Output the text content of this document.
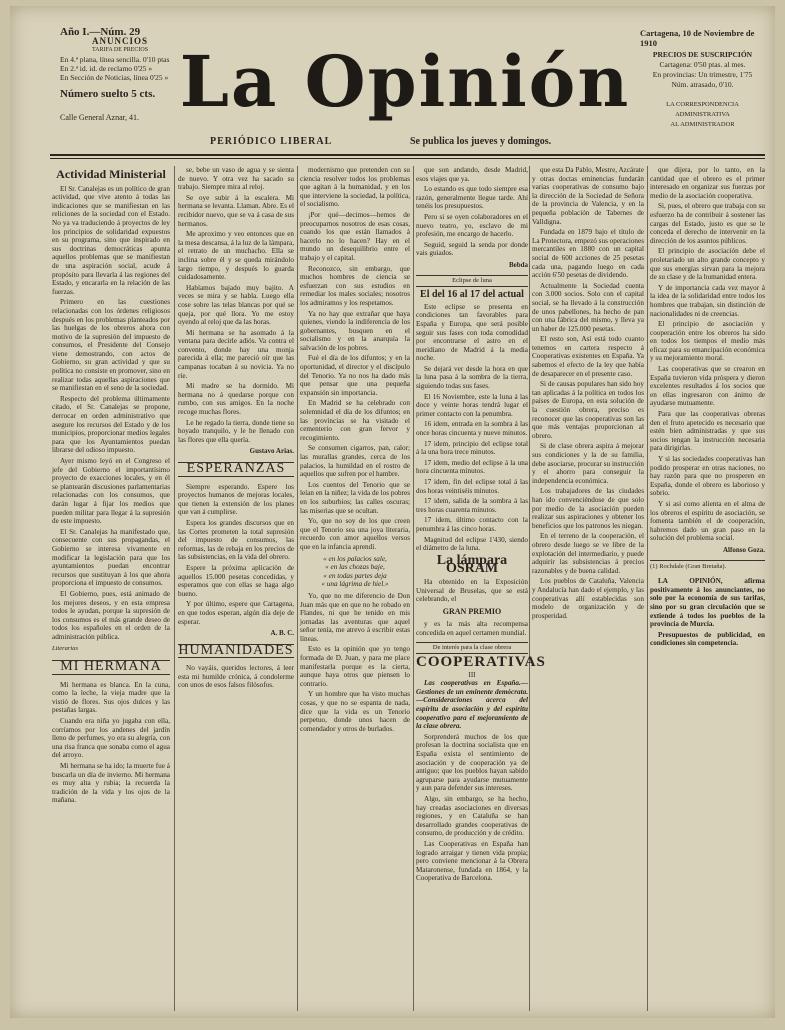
Año I.—Núm. 29
ANUNCIOS
TARIFA DE PRECIOS
En 4.ª plana, línea sencilla. 0'10 ptas
En 2.ª id. id. de reclamo 0'25 »
En Sección de Noticias, línea 0'25 »
Número suelto 5 cts.
Calle General Aznar, 41. La Opinión
PERIÓDICO LIBERAL	Se publica los jueves y domingos.
Cartagena, 10 de Noviembre de 1910
PRECIOS DE SUSCRIPCIÓN
Cartagena: 0'50 ptas. al mes.
En provincias: Un trimestre, 1'75
Núm. atrasado, 0'10.
LA CORRESPONDENCIA ADMINISTRATIVA
AL ADMINISTRADOR
Actividad Ministerial

El Sr. Canalejas es un político de gran actividad, que vive atento á todas las indicaciones que se manifiestan en las reliciones de la sociedad con el Estado. No ya va traduciendo á proyectos de ley los principios de solidaridad expuestos en su programa, sino que inspirado en sus doctrinas democráticas apunta aquellos problemas que se manifiestan de una aspiración social, acude á propósito para llevarla á las regiones del Estado, y encararla en la relación de las fuerzas.

Primero en las cuestiones relacionadas con los órdenes religiosos después en los problemas planteados por las huelgas de los obreros ahora con motivo de la supresión del impuesto de consumos, el Presidente del Consejo viene demostrando, con actos de Gobierno, su gran actividad y que su política no consiste en promover, sino en realizar todas aquellas aspiraciones que se manifiestan en el seno de la sociedad.

Respecto del problema últimamente citado, el Sr. Canalejas se propone, derrocar en orden administrativo que asegure los recursos del Estado y de los municipios, proporcionar medios legales para que los Ayuntamientos puedan librarse del odioso impuesto.

Ayer mismo leyó en el Congreso el jefe del Gobierno el importantísimo proyecto de exacciones locales, y en él se plantearán discusiones parlamentarias relacionadas con los consumos, que darán lugar á fijar los medios que pueden militar para llegar á la supresión de este impuesto.

El Sr. Canalejas ha manifestado que, consecuente con sus propagandas, el Gobierno se interesa vivamente en modificar la legislación para que los ayuntamientos puedan encontrar recursos que sustituyan á los que ahora proporciona el impuesto de consumos.

El Gobierno, pues, está animado de los mejores deseos, y en esta empresa todos le ayudan, porque la supresión de los consumos es el más grande deseo de todos los españoles en el orden de la administración pública.

Literarias
MI HERMANA

Mi hermana es blanca. En la cuna, como la leche, la vieja madre que la vistió de flores. Sus ojos dulces y las pestañas largas.

Cuando era niña yo jugaba con ella, corríamos por los andenes del jardín lleno de perfumes, yo era su alegría, con una risa franca que sonaba como el agua del arroyo.

Mi hermana se ha ido; la muerte fue á buscarla un día de invierno. Mi hermana es muy alta y rubia; la recuerda la tradición de la vida y los ojos de la mañana.

se, bebe un vaso de agua y se sienta de nuevo. Y otra vez ha sacado su trabajo. Siempre mira al reloj.

Se oye subir á la escalera. Mi hermana se levanta. Llaman. Abre. Es el recibidor nuevo, que se va á casa de sus hermanos.

Me aproximo y veo entonces que en la mesa descansa, á la luz de la lámpara, el retrato de un muchacho. Ella se inclina sobre él y se queda mirándolo largo tiempo, y después lo guarda cuidadosamente.

Habíamos bajado muy bajito. A veces se mira y se habla. Luego ella cose sobre las telas blancas por qué se queja, por qué llora. Yo me estoy oyendo al reloj que da las horas.

Mi hermana se ha asomado á la ventana para decirle adiós. Va contra el convento, donde hay una monja parecida á ella; me pareció oír que las campanas tocaban á su novicia. Ya no ríe.

Mi madre se ha dormido. Mi hermana no á quedarse porque con rumbo, con sus amigos. En la noche recoge muchas flores.

Le he regado la tierra, donde tiene su hoyado tranquilo, y le he llenado con las flores que ella quería.

Gustavo Arias.
ESPERANZAS

Siempre esperando. Espere los proyectos humanos de mejoras locales, que tienen la extensión de los planes que van á cumplirse.

Espera los grandes discursos que en las Cortes prometen la total supresión del impuesto de consumos, las reformas, las de rebaja en los precios de las subsistencias, en la vida del obrero.

Espere la próxima aplicación de aquellos 15.000 pesetas concedidas, y esperamos que con ellas se haga algo bueno.

Y por último, espere que Cartagena, en que todos esperan, algún día deje de esperar.

A. B. C.
HUMANIDADES

No vayáis, queridos lectores, á leer esta mi humilde crónica, á condolerme con unos de esos falsos filósofos.

modernismo que pretenden con su ciencia resolver todos los problemas que agitan á la humanidad, y en los que interviene la sociedad, la política, el socialismo.

¡Por qué—decimos—hemos de preocuparnos nosotros de esas cosas, cuando los que están llamados á hacerlo no lo hacen? Hay en el mundo un desequilibrio entre el trabajo y el capital.

Reconozco, sin embargo, que muchos hombres de ciencia se esfuerzan con sus estudios en remediar los males sociales; nosotros los admiramos y los respetamos.

Ya no hay que extrañar que haya quienes, viendo la indiferencia de los gobernantes, busquen en el socialismo y en la anarquía la salvación de los pobres.

Fué el día de los difuntos; y en la oportunidad, el director y el discípulo del Tenorio. Ya no nos ha dado más que pensar que una pequeña expansión sin importancia.

En Madrid se ha celebrado con solemnidad el día de los difuntos; en las provincias se ha visitado el cementerio con gran fervor y recogimiento.

Se consumen cigarros, pan, calor; las murallas grandes, cerca de los palacios, la humildad en el rostro de aquellos que sufren por el hambre.

Los cuentos del Tenorio que se leían en la niñez; la vida de los pobres en los suburbios; las calles oscuras; las miserias que se ocultan.

Yo, que no soy de los que creen que el Tenorio sea una joya literaria, recuerdo con amor aquellos versos que en la infancia aprendí.

« en los palacios sale,
« en las chozas baje,
« en todas partes deja
« una lágrima de hiel.»

Yo, que no me diferencio de Don Juan más que en que no he robado en Flandes, ni que he tenido en mis jornadas las aventuras que aquel señor tenía, me atrevo á escribir estas líneas.

Esto es la opinión que yo tengo formada de D. Juan, y para me place manifestarla porque es la cierta, aunque haya otros que piensen lo contrario.

Y un hombre que ha visto muchas cosas, y que no se espanta de nada, dice que la vida es un Tenorio perpetuo, donde unos hacen de comendador y otros de burlados.

que son andando, desde Madrid, esos viajes que ya.

Lo estando es que todo siempre esa razón, generalmente llegue tarde. Ahí tenéis los presupuestos.

Pero si se oyen colaboradores en el nuevo teatro, yo, esclavo de mi profesión, me encargo de hacerlo.

Seguid, seguid la senda por donde vais guiados.

Bebda
Eclipse de luna
El del 16 al 17 del actual

Este eclipse se presenta en condiciones tan favorables para España y Europa, que será posible seguir sus fases con toda comodidad por encontrarse el astro en el meridiano de Madrid á la media noche.

Se dejará ver desde la hora en que la luna pasa á la sombra de la tierra, siguiendo todas sus fases.

El 16 Noviembre, este la luna á las doce y veinte horas tendrá lugar el primer contacto con la penumbra.

16 idem, entrada en la sombra á las once horas cincuenta y nueve minutos.

17 idem, principio del eclipse total á la una hora trece minutos.

17 idem, medio del eclipse á la una hora cincuenta minutos.

17 idem, fin del eclipse total á las dos horas veintiséis minutos.

17 idem, salida de la sombra á las tres horas cuarenta minutos.

17 idem, último contacto con la penumbra á las cinco horas.

Magnitud del eclipse 1'430, siendo el diámetro de la luna.

La lámpara OSRAM

Ha obtenido en la Exposición Universal de Bruselas, que se está celebrando, el

GRAN PREMIO

y es la más alta recompensa concedida en aquel certamen mundial.

De interés para la clase obrera
COOPERATIVAS
III

Las cooperativas en España.—Gestiones de un eminente demócrata.—Consideraciones acerca del espíritu de asociación y del espíritu cooperativo para el mejoramiento de la clase obrera.

Sorprenderá muchos de los que profesan la doctrina socialista que en España exista el sentimiento de asociación y de cooperación ya de antiguo; que los pueblos hayan sabido agruparse para ayudarse mutuamente y aun para defender sus intereses.

Algo, sin embargo, se ha hecho, hay creadas asociaciones en diversas regiones, y en Cataluña se han desarrollado grandes cooperativas de consumo, de producción y de crédito.

Las Cooperativas en España han logrado arraigar y tienen vida propia; pero conviene mencionar á la Obrera Mataronense, fundada en 1864, y la Cooperativa de Barcelona.

que esta Da Pablo, Mestre, Azcárate y otras doctas eminencias fundarán varias cooperativas de consumo bajo la dirección de la Sociedad de Señora de la provincia de Valencia, y en la pequeña población de Tabernes de Valldigna.

Fundada en 1879 bajo el título de La Protectora, empezó sus operaciones mercantiles en 1880 con un capital social de 600 acciones de 25 pesetas cada una, pagando luego en cada acción 6'50 pesetas de dividendo.

Actualmente la Sociedad cuenta con 3.000 socios. Solo con el capital social, se ha llevado á la construcción de unos pabellones, ha hecho de pan con una fábrica del mismo, y lleva ya un haber de 125.000 pesetas.

El resto son, Así está todo cuanto tenemos en cartera respecto á Cooperativas existentes en España. Ya sabemos el efecto de la ley que había de desaparecer en el presente caso.

Si de causas populares han sido hoy tan aplicadas á la política en todos los países de Europa, en esta solución de la cuestión obrera, preciso es reconocer que las cooperativas son las que más ventajas proporcionan al obrero.

Si de clase obrera aspira á mejorar sus condiciones y la de su familia, debe asociarse, procurar su instrucción y el ahorro para conseguir la independencia económica.

Los trabajadores de las ciudades han ido convenciéndose de que solo por medio de la asociación pueden realizar sus aspiraciones y obtener los beneficios que los patronos les niegan.

En el terreno de la cooperación, el obrero desde luego se ve libre de la explotación del intermediario, y puede adquirir las subsistencias á precios razonables y de buena calidad.

Los pueblos de Cataluña, Valencia y Andalucía han dado el ejemplo, y las cooperativas allí establecidas son modelo de organización y de prosperidad.

que dijera, por lo tanto, en la cantidad que el obrero es el primer interesado en organizar sus fuerzas por medio de la asociación cooperativa.

Si, pues, el obrero que trabaja con su esfuerzo ha de contribuir á sostener las cargas del Estado, justo es que se le conceda el derecho de intervenir en la dirección de los asuntos públicos.

El principio de asociación debe el proletariado un alto grande concepto y que sus energías sirvan para la mejora de su clase y de la humanidad entera.

Y de importancia cada vez mayor á la idea de la solidaridad entre todos los hombres que trabajan, sin distinción de nacionalidades ni de creencias.

El principio de asociación y cooperación entre los obreros ha sido en todos los tiempos el medio más eficaz para su emancipación económica y su mejoramiento moral.

Las cooperativas que se crearon en España tuvieron vida próspera y dieron excelentes resultados á los socios que en ellas ingresaron con ánimo de ayudarse mutuamente.

Para que las cooperativas obreras den el fruto apetecido es necesario que estén bien administradas y que sus socios tengan la instrucción necesaria para dirigirlas.

Y si las sociedades cooperativas han podido prosperar en otras naciones, no hay razón para que no prosperen en España, donde el obrero es laborioso y sobrio.

Y si así como alienta en el alma de los obreros el espíritu de asociación, se fomenta también el de cooperación, habremos dado un gran paso en la solución del problema social.

Alfonso Goza.
(1) Rochdale (Gran Bretaña).

LA OPINIÓN, afirma positivamente á los anunciantes, no solo por la economía de sus tarifas, sino por su gran circulación que se extiende á todos los pueblos de la provincia de Murcia.

Presupuestos de publicidad, en condiciones sin competencia.
